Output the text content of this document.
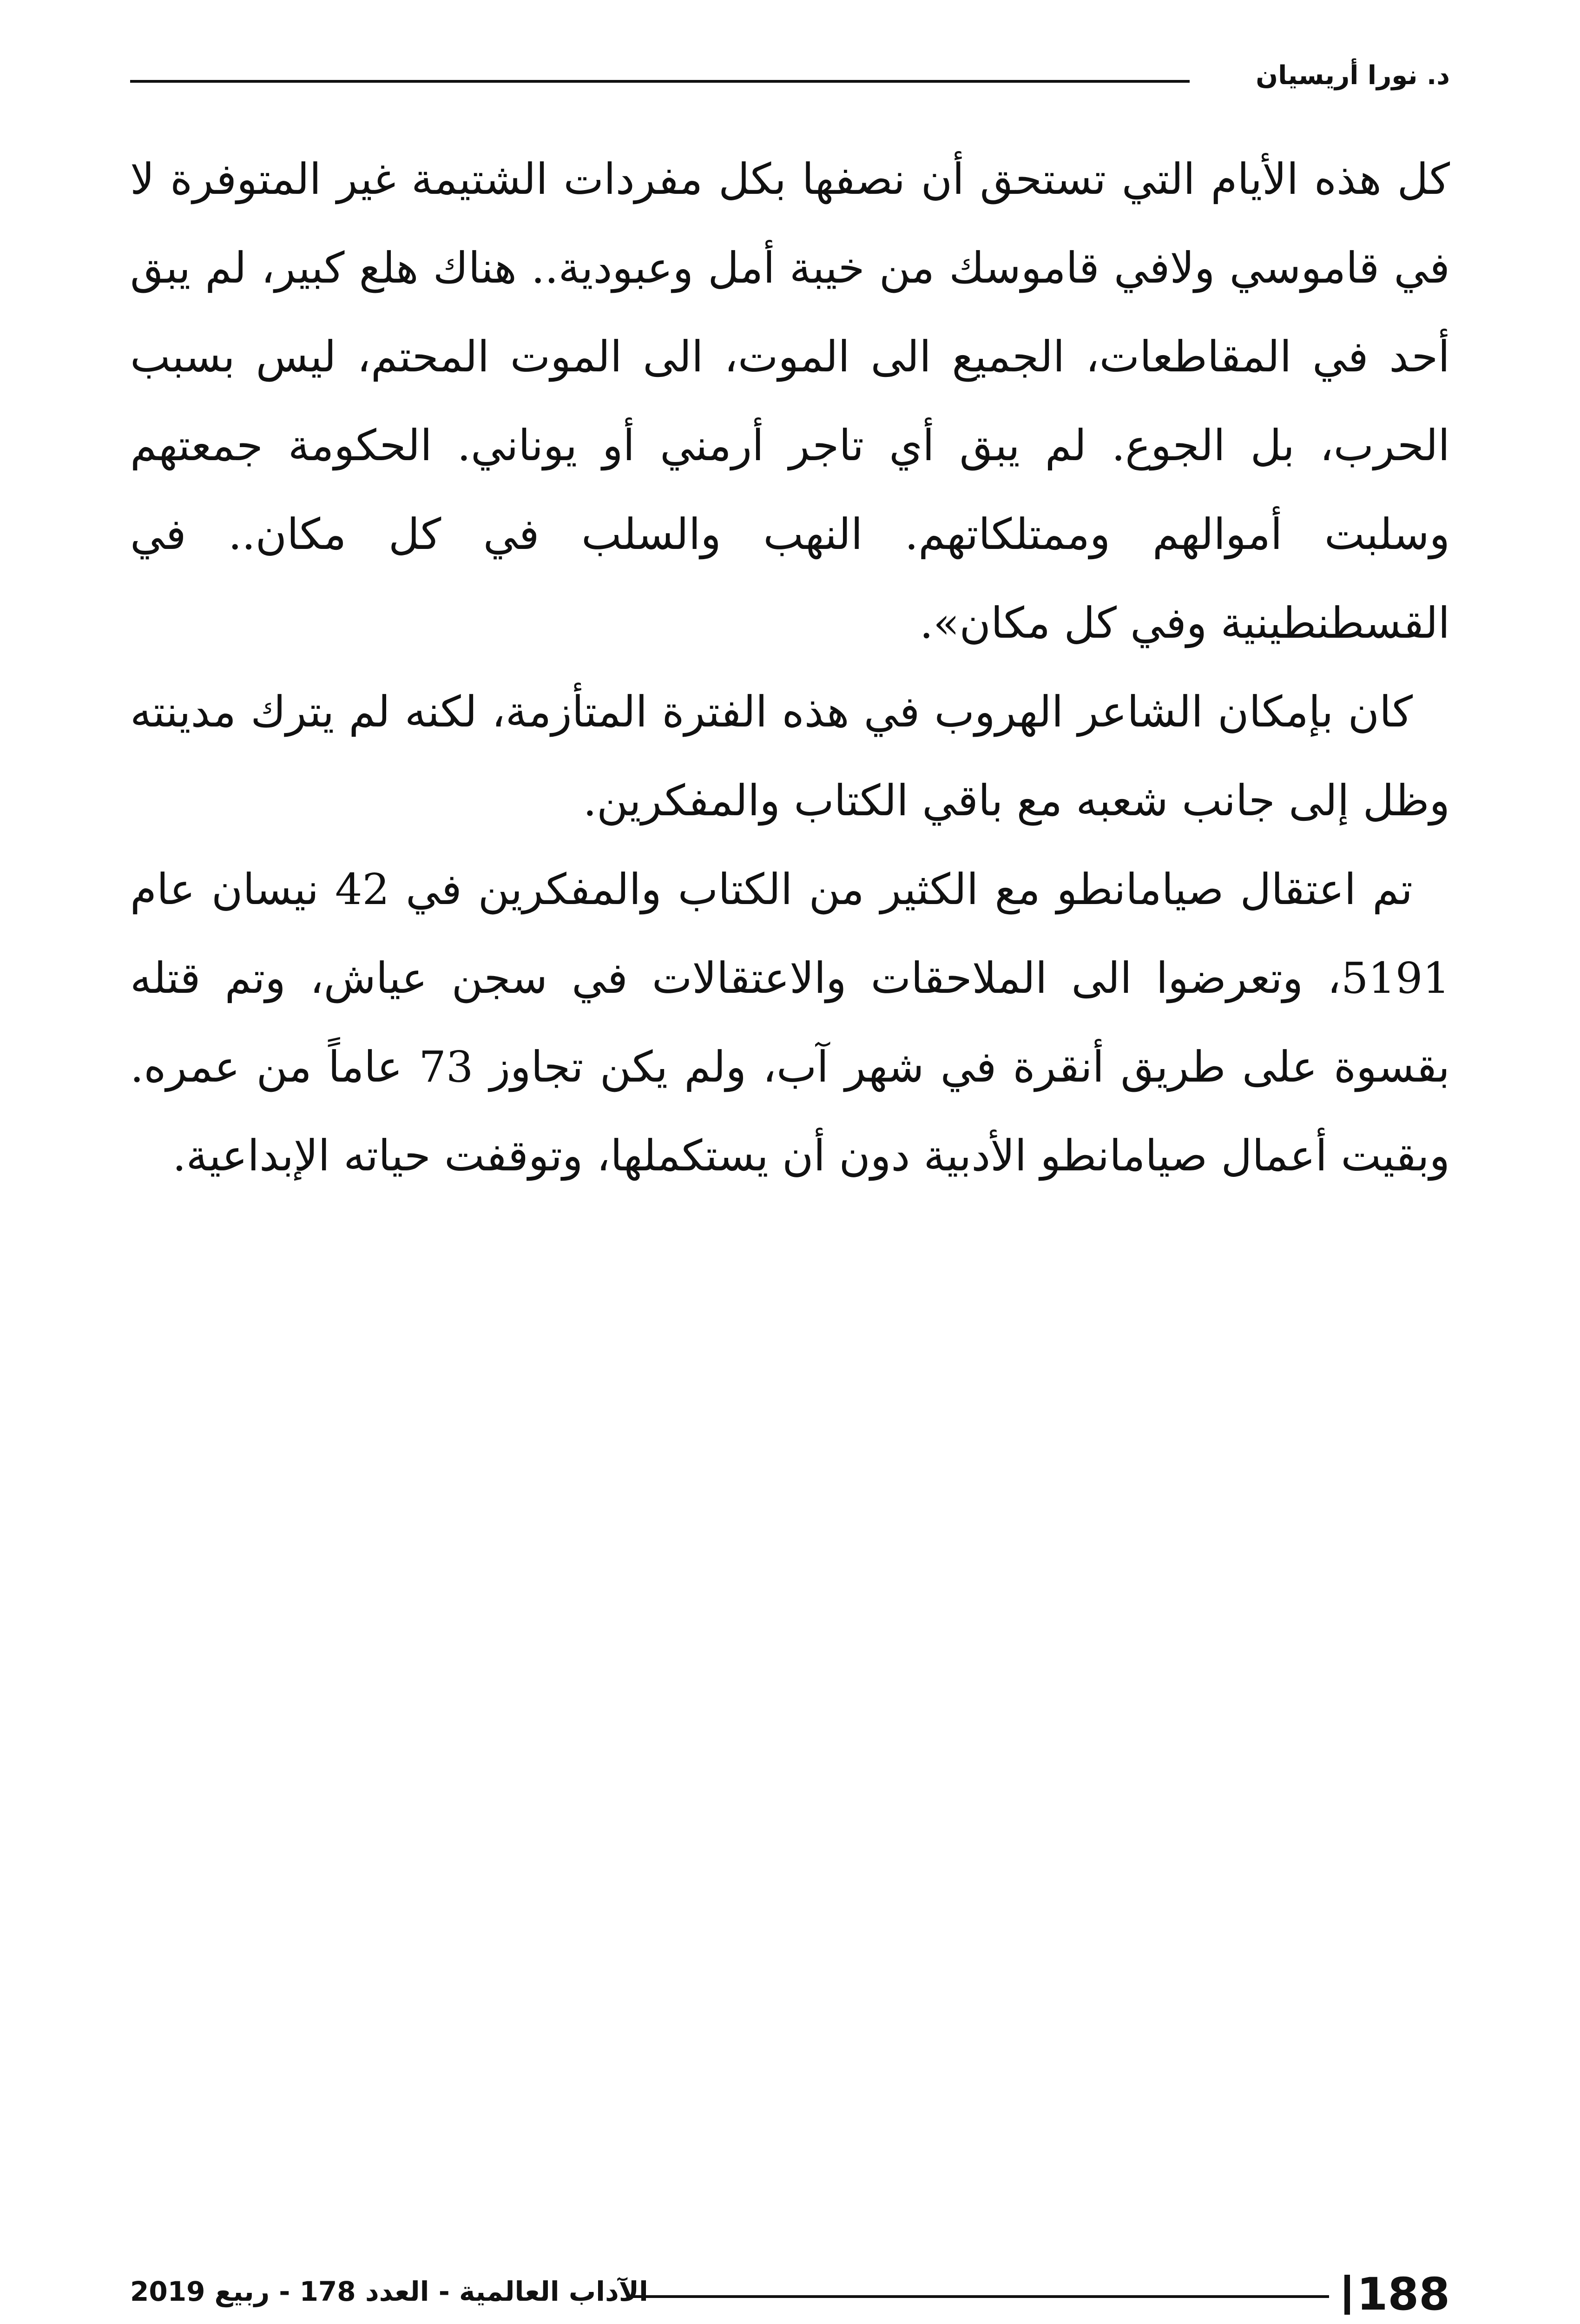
د. نورا أريسيان

كل هذه الأيام التي تستحق أن نصفها بكل مفردات الشتيمة غير المتوفرة لا في قاموسي ولافي قاموسك من خيبة أمل وعبودية.. هناك هلع كبير، لم يبق أحد في المقاطعات، الجميع الى الموت، الى الموت المحتم، ليس بسبب الحرب، بل الجوع. لم يبق أي تاجر أرمني أو يوناني. الحكومة جمعتهم وسلبت أموالهم وممتلكاتهم. النهب والسلب في كل مكان.. في القسطنطينية وفي كل مكان».

كان بإمكان الشاعر الهروب في هذه الفترة المتأزمة، لكنه لم يترك مدينته وظل إلى جانب شعبه مع باقي الكتاب والمفكرين.

تم اعتقال صيامانطو مع الكثير من الكتاب والمفكرين في 42 نيسان عام 5191، وتعرضوا الى الملاحقات والاعتقالات في سجن عياش، وتم قتله بقسوة على طريق أنقرة في شهر آب، ولم يكن تجاوز 73 عاماً من عمره. وبقيت أعمال صيامانطو الأدبية دون أن يستكملها، وتوقفت حياته الإبداعية.

188
الآداب العالمية - العدد 178 - ربيع 2019
